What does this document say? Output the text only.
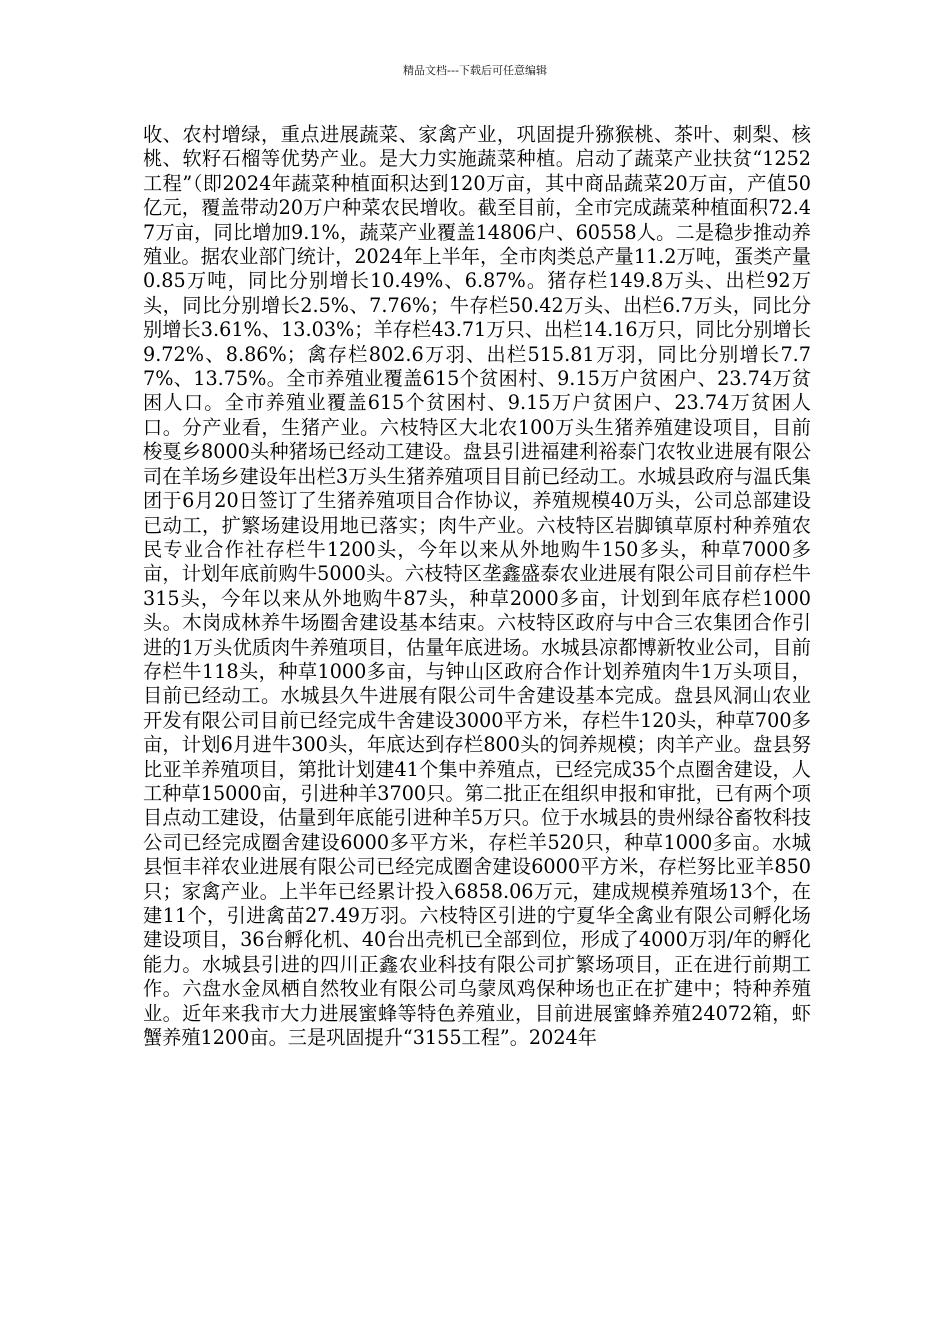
精品文档---下载后可任意编辑

收、农村增绿，重点进展蔬菜、家禽产业，巩固提升猕猴桃、茶叶、刺梨、核桃、软籽石榴等优势产业。是大力实施蔬菜种植。启动了蔬菜产业扶贫“1252工程”（即2024年蔬菜种植面积达到120万亩，其中商品蔬菜20万亩，产值50亿元，覆盖带动20万户种菜农民增收。截至目前，全市完成蔬菜种植面积72.47万亩，同比增加9.1%，蔬菜产业覆盖14806户、60558人。二是稳步推动养殖业。据农业部门统计，2024年上半年，全市肉类总产量11.2万吨，蛋类产量0.85万吨，同比分别增长10.49%、6.87%。猪存栏149.8万头、出栏92万头，同比分别增长2.5%、7.76%；牛存栏50.42万头、出栏6.7万头，同比分别增长3.61%、13.03%；羊存栏43.71万只、出栏14.16万只，同比分别增长9.72%、8.86%；禽存栏802.6万羽、出栏515.81万羽，同比分别增长7.77%、13.75%。全市养殖业覆盖615个贫困村、9.15万户贫困户、23.74万贫困人口。全市养殖业覆盖615个贫困村、9.15万户贫困户、23.74万贫困人口。分产业看，生猪产业。六枝特区大北农100万头生猪养殖建设项目，目前梭戛乡8000头种猪场已经动工建设。盘县引进福建利裕泰门农牧业进展有限公司在羊场乡建设年出栏3万头生猪养殖项目目前已经动工。水城县政府与温氏集团于6月20日签订了生猪养殖项目合作协议，养殖规模40万头，公司总部建设已动工，扩繁场建设用地已落实；肉牛产业。六枝特区岩脚镇草原村种养殖农民专业合作社存栏牛1200头，今年以来从外地购牛150多头，种草7000多亩，计划年底前购牛5000头。六枝特区垄鑫盛泰农业进展有限公司目前存栏牛315头，今年以来从外地购牛87头，种草2000多亩，计划到年底存栏1000头。木岗成林养牛场圈舍建设基本结束。六枝特区政府与中合三农集团合作引进的1万头优质肉牛养殖项目，估量年底进场。水城县凉都博新牧业公司，目前存栏牛118头，种草1000多亩，与钟山区政府合作计划养殖肉牛1万头项目，目前已经动工。水城县久牛进展有限公司牛舍建设基本完成。盘县风洞山农业开发有限公司目前已经完成牛舍建设3000平方米，存栏牛120头，种草700多亩，计划6月进牛300头，年底达到存栏800头的饲养规模；肉羊产业。盘县努比亚羊养殖项目，第批计划建41个集中养殖点，已经完成35个点圈舍建设，人工种草15000亩，引进种羊3700只。第二批正在组织申报和审批，已有两个项目点动工建设，估量到年底能引进种羊5万只。位于水城县的贵州绿谷畜牧科技公司已经完成圈舍建设6000多平方米，存栏羊520只，种草1000多亩。水城县恒丰祥农业进展有限公司已经完成圈舍建设6000平方米，存栏努比亚羊850只；家禽产业。上半年已经累计投入6858.06万元，建成规模养殖场13个，在建11个，引进禽苗27.49万羽。六枝特区引进的宁夏华全禽业有限公司孵化场建设项目，36台孵化机、40台出壳机已全部到位，形成了4000万羽/年的孵化能力。水城县引进的四川正鑫农业科技有限公司扩繁场项目，正在进行前期工作。六盘水金凤栖自然牧业有限公司乌蒙凤鸡保种场也正在扩建中；特种养殖业。近年来我市大力进展蜜蜂等特色养殖业，目前进展蜜蜂养殖24072箱，虾蟹养殖1200亩。三是巩固提升“3155工程”。2024年
